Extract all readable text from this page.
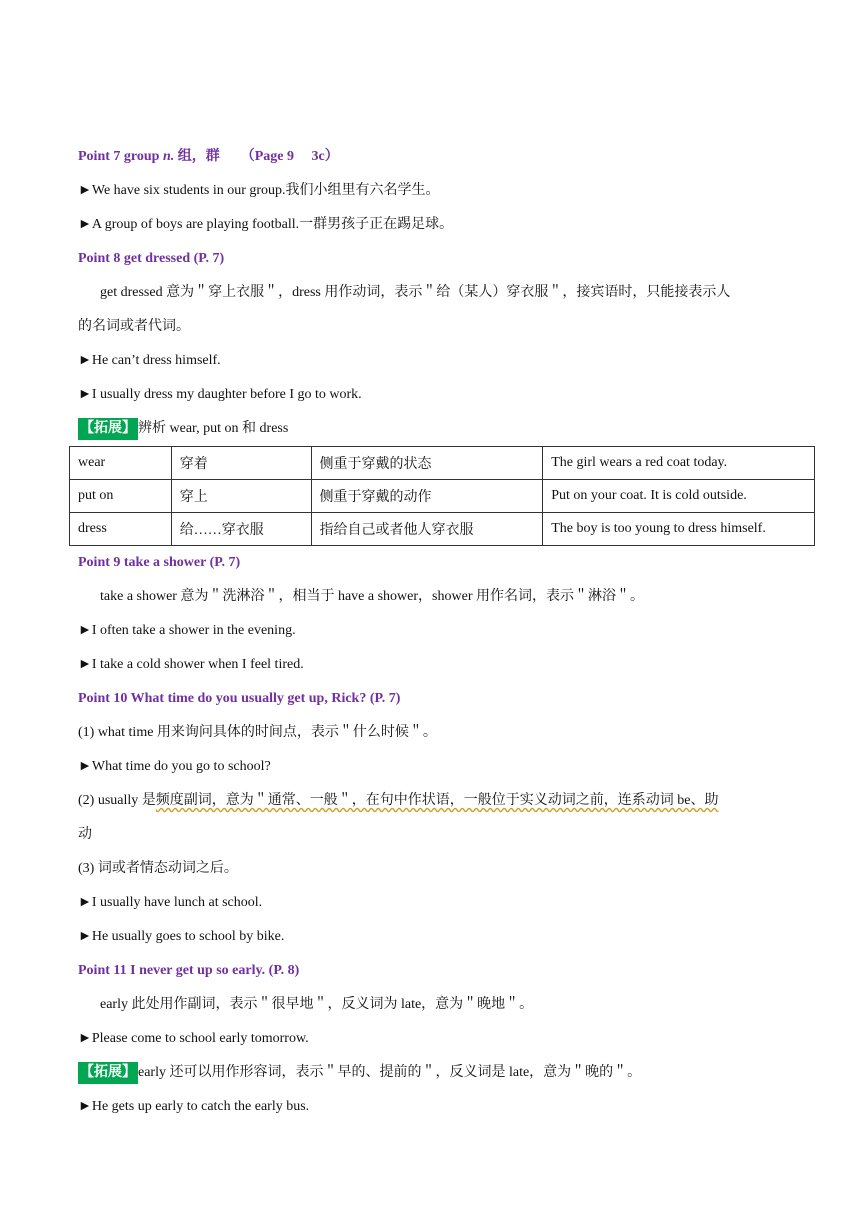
Point 7 group n. 组，群　　（Page 9　 3c）
►We have six students in our group.我们小组里有六名学生。
►A group of boys are playing football.一群男孩子正在踢足球。
Point 8 get dressed (P. 7)
get dressed 意为＂穿上衣服＂，dress 用作动词，表示＂给（某人）穿衣服＂，接宾语时，只能接表示人
的名词或者代词。
►He can’t dress himself.
►I usually dress my daughter before I go to work.
【拓展】 辨析 wear, put on 和 dress
wear	穿着	侧重于穿戴的状态	The girl wears a red coat today.
put on	穿上	侧重于穿戴的动作	Put on your coat. It is cold outside.
dress	给……穿衣服	指给自己或者他人穿衣服	The boy is too young to dress himself.
Point 9 take a shower (P. 7)
take a shower 意为＂洗淋浴＂，相当于 have a shower，shower 用作名词，表示＂淋浴＂。
►I often take a shower in the evening.
►I take a cold shower when I feel tired.
Point 10 What time do you usually get up, Rick? (P. 7)
(1) what time 用来询问具体的时间点，表示＂什么时候＂。
►What time do you go to school?
(2) usually 是频度副词，意为＂通常、一般＂，在句中作状语，一般位于实义动词之前，连系动词 be、助
动
(3) 词或者情态动词之后。
►I usually have lunch at school.
►He usually goes to school by bike.
Point 11 I never get up so early. (P. 8)
early 此处用作副词，表示＂很早地＂，反义词为 late，意为＂晚地＂。
►Please come to school early tomorrow.
【拓展】 early 还可以用作形容词，表示＂早的、提前的＂，反义词是 late，意为＂晚的＂。
►He gets up early to catch the early bus.
